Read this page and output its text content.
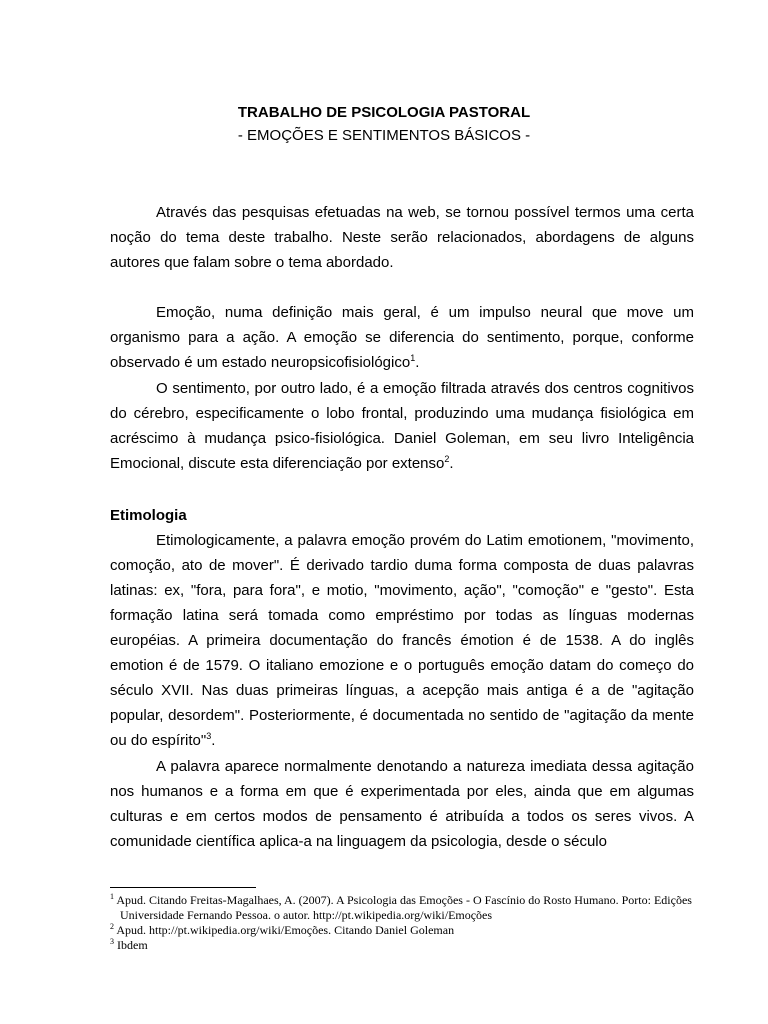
TRABALHO DE PSICOLOGIA PASTORAL
- EMOÇÕES E SENTIMENTOS BÁSICOS -

Através das pesquisas efetuadas na web, se tornou possível termos uma certa noção do tema deste trabalho. Neste serão relacionados, abordagens de alguns autores que falam sobre o tema abordado.

Emoção, numa definição mais geral, é um impulso neural que move um organismo para a ação. A emoção se diferencia do sentimento, porque, conforme observado é um estado neuropsicofisiológico$^1$.

O sentimento, por outro lado, é a emoção filtrada através dos centros cognitivos do cérebro, especificamente o lobo frontal, produzindo uma mudança fisiológica em acréscimo à mudança psico-fisiológica. Daniel Goleman, em seu livro Inteligência Emocional, discute esta diferenciação por extenso$^2$.

Etimologia

Etimologicamente, a palavra emoção provém do Latim emotionem, "movimento, comoção, ato de mover". É derivado tardio duma forma composta de duas palavras latinas: ex, "fora, para fora", e motio, "movimento, ação", "comoção" e "gesto". Esta formação latina será tomada como empréstimo por todas as línguas modernas européias. A primeira documentação do francês émotion é de 1538. A do inglês emotion é de 1579. O italiano emozione e o português emoção datam do começo do século XVII. Nas duas primeiras línguas, a acepção mais antiga é a de "agitação popular, desordem". Posteriormente, é documentada no sentido de "agitação da mente ou do espírito"$^3$.

A palavra aparece normalmente denotando a natureza imediata dessa agitação nos humanos e a forma em que é experimentada por eles, ainda que em algumas culturas e em certos modos de pensamento é atribuída a todos os seres vivos. A comunidade científica aplica-a na linguagem da psicologia, desde o século

$^1$ Apud. Citando Freitas-Magalhaes, A. (2007). A Psicologia das Emoções - O Fascínio do Rosto Humano. Porto: Edições Universidade Fernando Pessoa. o autor. http://pt.wikipedia.org/wiki/Emoções

$^2$ Apud. http://pt.wikipedia.org/wiki/Emoções. Citando Daniel Goleman

$^3$ Ibdem
